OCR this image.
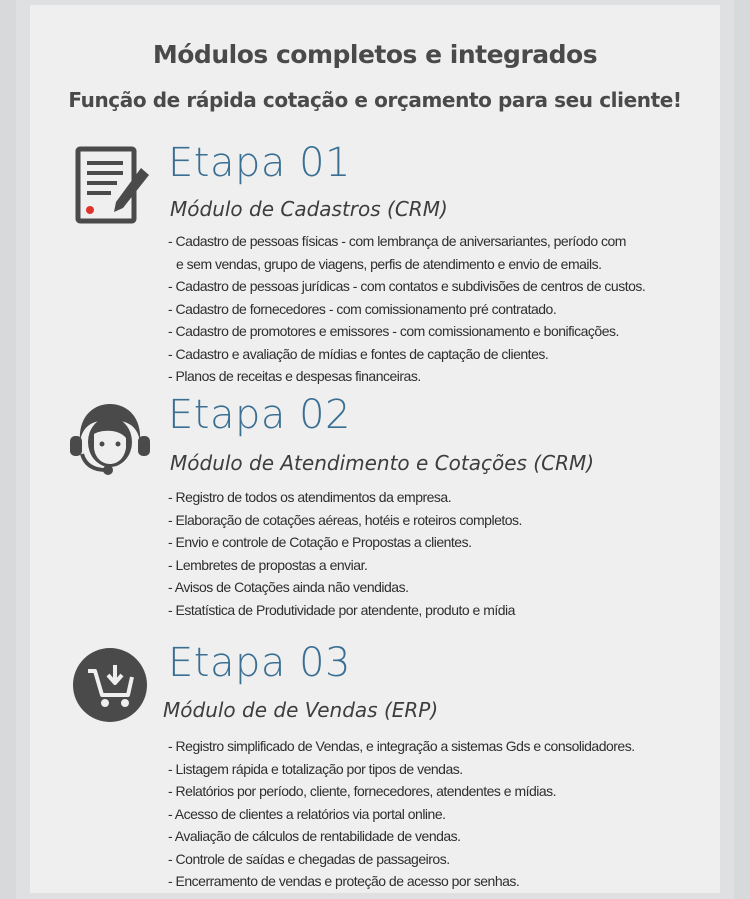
Módulos completos e integrados
Função de rápida cotação e orçamento para seu cliente!
Etapa 01
Módulo de Cadastros (CRM)
- Cadastro de pessoas físicas - com lembrança de aniversariantes, período com
e sem vendas, grupo de viagens, perfis de atendimento e envio de emails.
- Cadastro de pessoas jurídicas - com contatos e subdivisões de centros de custos.
- Cadastro de fornecedores - com comissionamento pré contratado.
- Cadastro de promotores e emissores - com comissionamento e bonificações.
- Cadastro e avaliação de mídias e fontes de captação de clientes.
- Planos de receitas e despesas financeiras.
Etapa 02
Módulo de Atendimento e Cotações (CRM)
- Registro de todos os atendimentos da empresa.
- Elaboração de cotações aéreas, hotéis e roteiros completos.
- Envio e controle de Cotação e Propostas a clientes.
- Lembretes de propostas a enviar.
- Avisos de Cotações ainda não vendidas.
- Estatística de Produtividade por atendente, produto e mídia
Etapa 03
Módulo de de Vendas (ERP)
- Registro simplificado de Vendas, e integração a sistemas Gds e consolidadores.
- Listagem rápida e totalização por tipos de vendas.
- Relatórios por período, cliente, fornecedores, atendentes e mídias.
- Acesso de clientes a relatórios via portal online.
- Avaliação de cálculos de rentabilidade de vendas.
- Controle de saídas e chegadas de passageiros.
- Encerramento de vendas e proteção de acesso por senhas.
